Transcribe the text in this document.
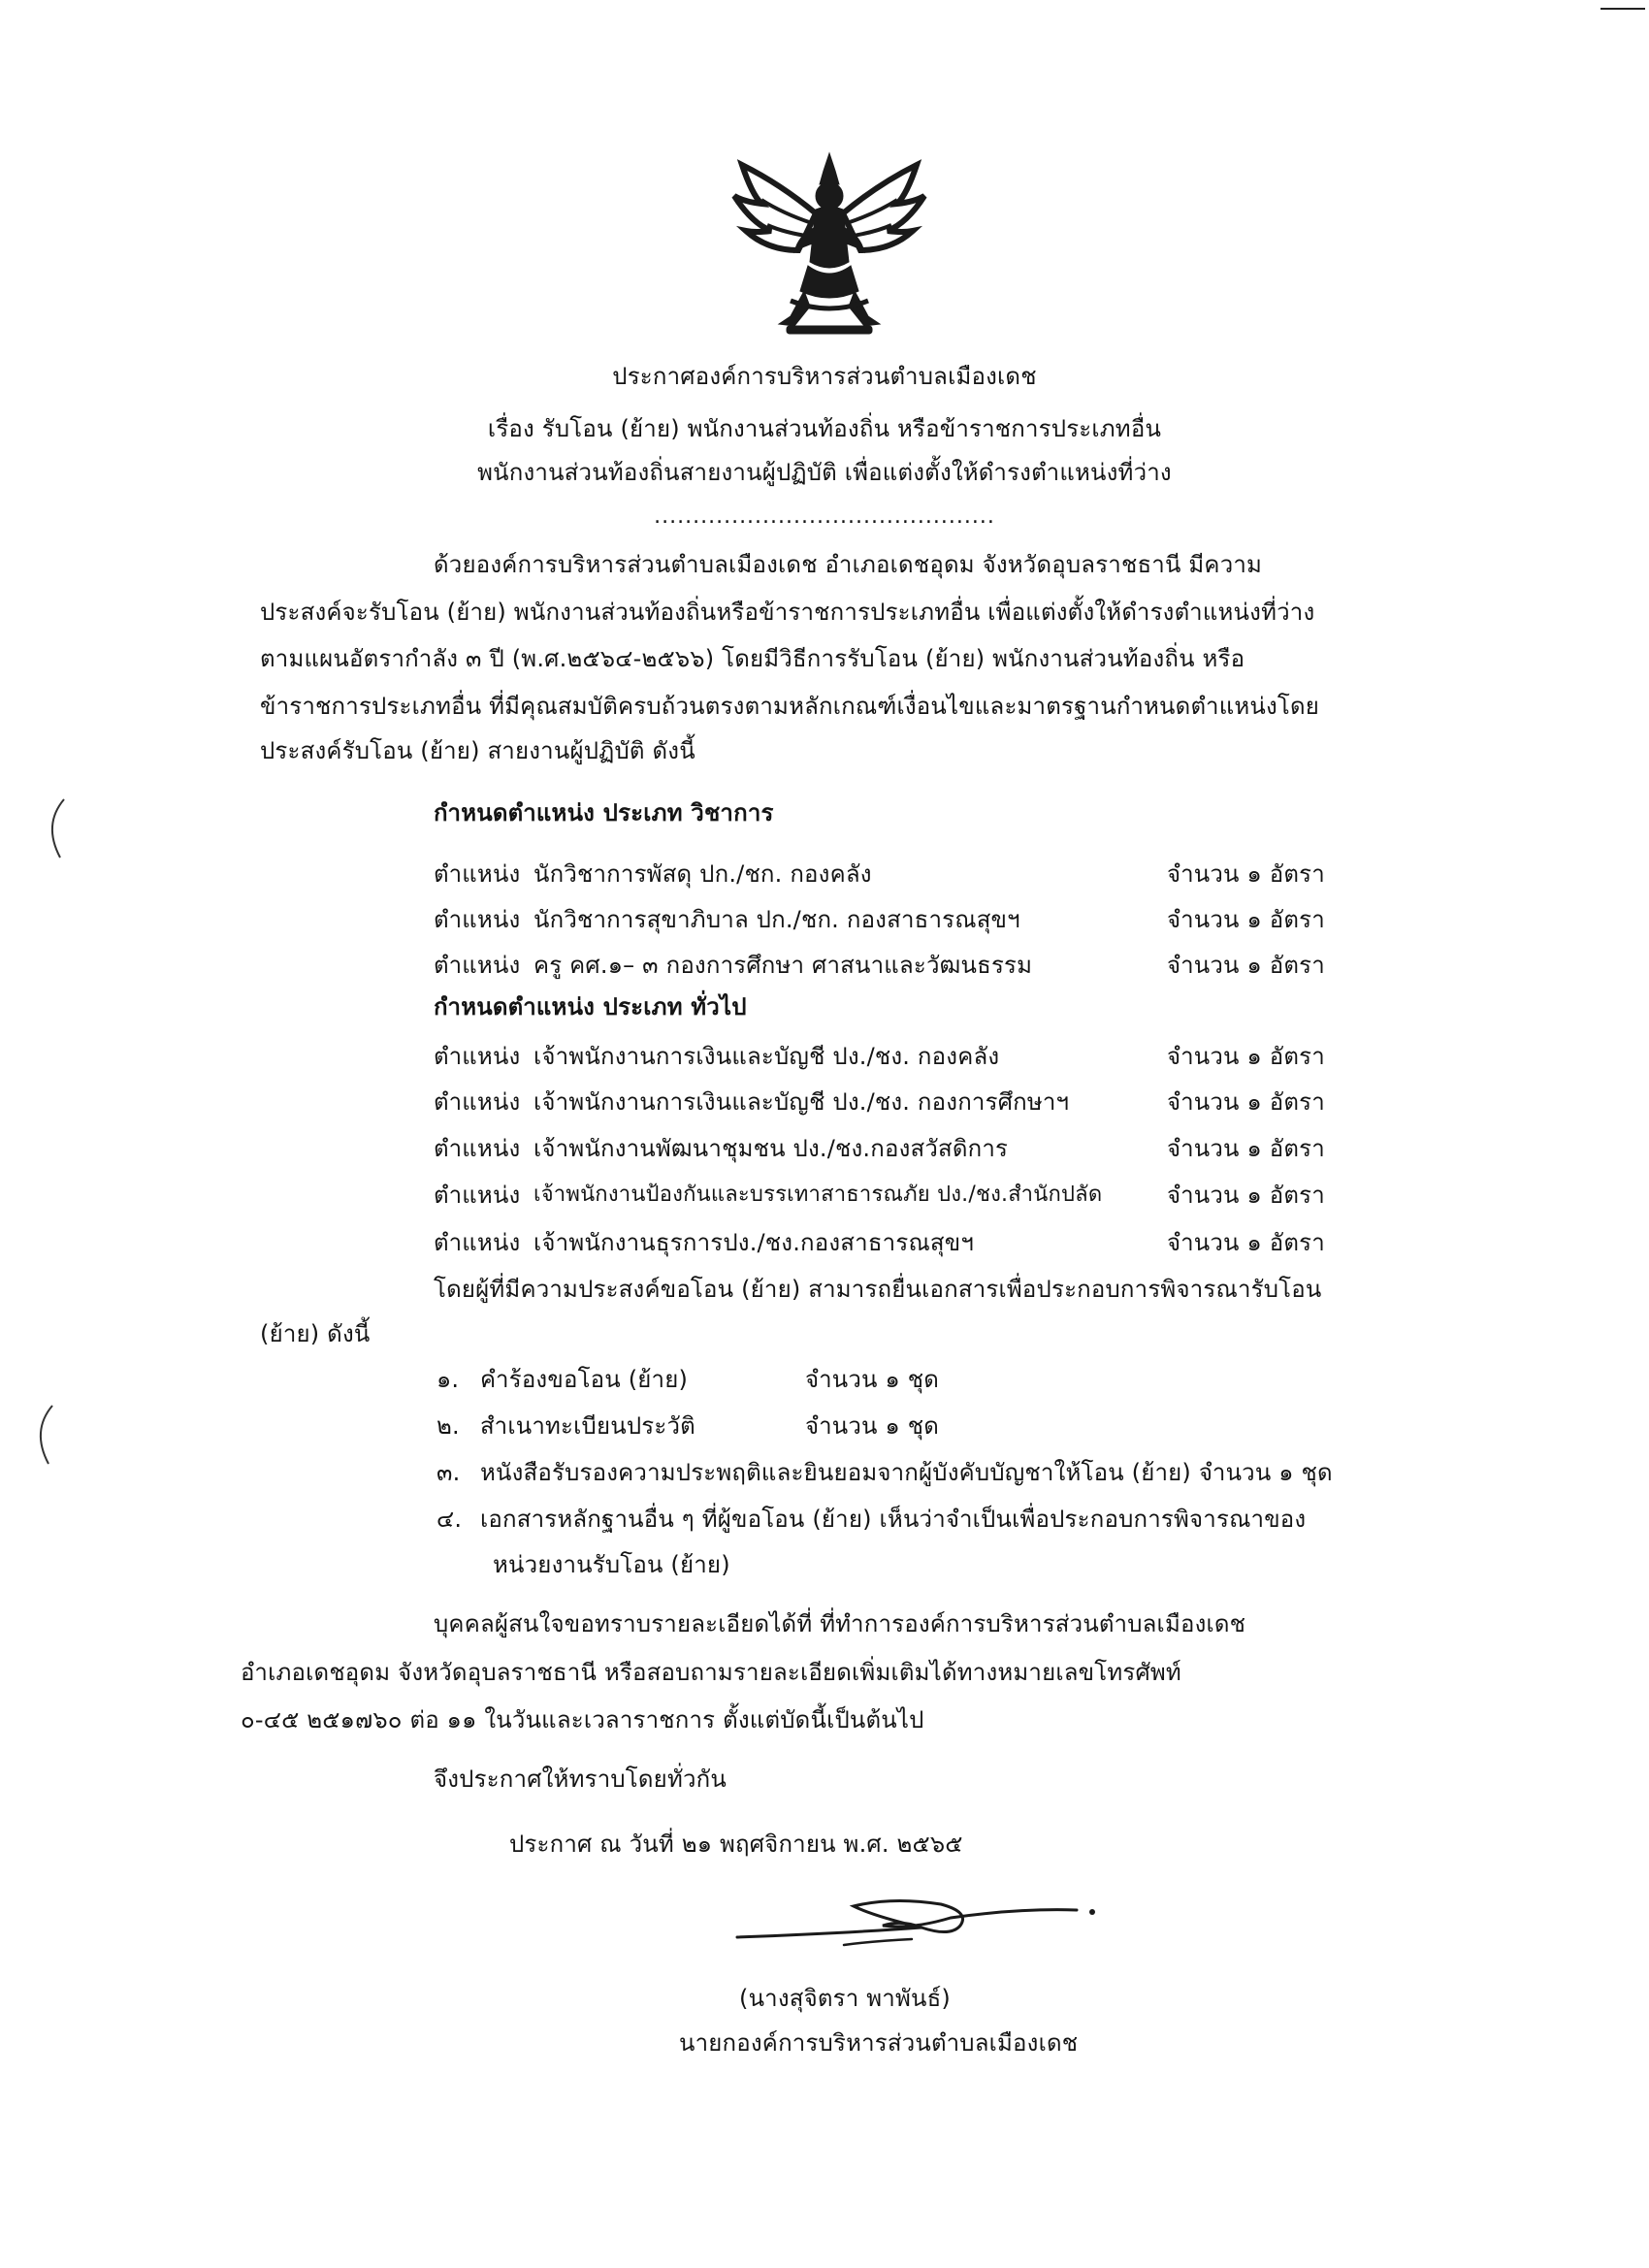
ประกาศองค์การบริหารส่วนตำบลเมืองเดช
เรื่อง รับโอน (ย้าย) พนักงานส่วนท้องถิ่น หรือข้าราชการประเภทอื่น
พนักงานส่วนท้องถิ่นสายงานผู้ปฏิบัติ เพื่อแต่งตั้งให้ดำรงตำแหน่งที่ว่าง
............................................
ด้วยองค์การบริหารส่วนตำบลเมืองเดช อำเภอเดชอุดม จังหวัดอุบลราชธานี มีความ
ประสงค์จะรับโอน (ย้าย) พนักงานส่วนท้องถิ่นหรือข้าราชการประเภทอื่น เพื่อแต่งตั้งให้ดำรงตำแหน่งที่ว่าง
ตามแผนอัตรากำลัง ๓ ปี (พ.ศ.๒๕๖๔-๒๕๖๖) โดยมีวิธีการรับโอน (ย้าย) พนักงานส่วนท้องถิ่น หรือ
ข้าราชการประเภทอื่น ที่มีคุณสมบัติครบถ้วนตรงตามหลักเกณฑ์เงื่อนไขและมาตรฐานกำหนดตำแหน่งโดย
ประสงค์รับโอน (ย้าย) สายงานผู้ปฏิบัติ ดังนี้
กำหนดตำแหน่ง ประเภท วิชาการ
ตำแหน่ง นักวิชาการพัสดุ ปก./ชก. กองคลัง	จำนวน ๑ อัตรา
ตำแหน่ง นักวิชาการสุขาภิบาล ปก./ชก. กองสาธารณสุขฯ	จำนวน ๑ อัตรา
ตำแหน่ง ครู คศ.๑– ๓ กองการศึกษา ศาสนาและวัฒนธรรม	จำนวน ๑ อัตรา
กำหนดตำแหน่ง ประเภท ทั่วไป
ตำแหน่ง เจ้าพนักงานการเงินและบัญชี ปง./ชง. กองคลัง	จำนวน ๑ อัตรา
ตำแหน่ง เจ้าพนักงานการเงินและบัญชี ปง./ชง. กองการศึกษาฯ	จำนวน ๑ อัตรา
ตำแหน่ง เจ้าพนักงานพัฒนาชุมชน ปง./ชง.กองสวัสดิการ	จำนวน ๑ อัตรา
ตำแหน่ง เจ้าพนักงานป้องกันและบรรเทาสาธารณภัย ปง./ชง.สำนักปลัด	จำนวน ๑ อัตรา
ตำแหน่ง เจ้าพนักงานธุรการปง./ชง.กองสาธารณสุขฯ	จำนวน ๑ อัตรา
โดยผู้ที่มีความประสงค์ขอโอน (ย้าย) สามารถยื่นเอกสารเพื่อประกอบการพิจารณารับโอน
(ย้าย) ดังนี้
๑. คำร้องขอโอน (ย้าย)	จำนวน ๑ ชุด
๒. สำเนาทะเบียนประวัติ	จำนวน ๑ ชุด
๓. หนังสือรับรองความประพฤติและยินยอมจากผู้บังคับบัญชาให้โอน (ย้าย) จำนวน ๑ ชุด
๔. เอกสารหลักฐานอื่น ๆ ที่ผู้ขอโอน (ย้าย) เห็นว่าจำเป็นเพื่อประกอบการพิจารณาของ
หน่วยงานรับโอน (ย้าย)
บุคคลผู้สนใจขอทราบรายละเอียดได้ที่ ที่ทำการองค์การบริหารส่วนตำบลเมืองเดช
อำเภอเดชอุดม จังหวัดอุบลราชธานี หรือสอบถามรายละเอียดเพิ่มเติมได้ทางหมายเลขโทรศัพท์
๐-๔๕ ๒๕๑๗๖๐ ต่อ ๑๑ ในวันและเวลาราชการ ตั้งแต่บัดนี้เป็นต้นไป
จึงประกาศให้ทราบโดยทั่วกัน
ประกาศ ณ วันที่ ๒๑ พฤศจิกายน พ.ศ. ๒๕๖๕
(นางสุจิตรา พาพันธ์)
นายกองค์การบริหารส่วนตำบลเมืองเดช
